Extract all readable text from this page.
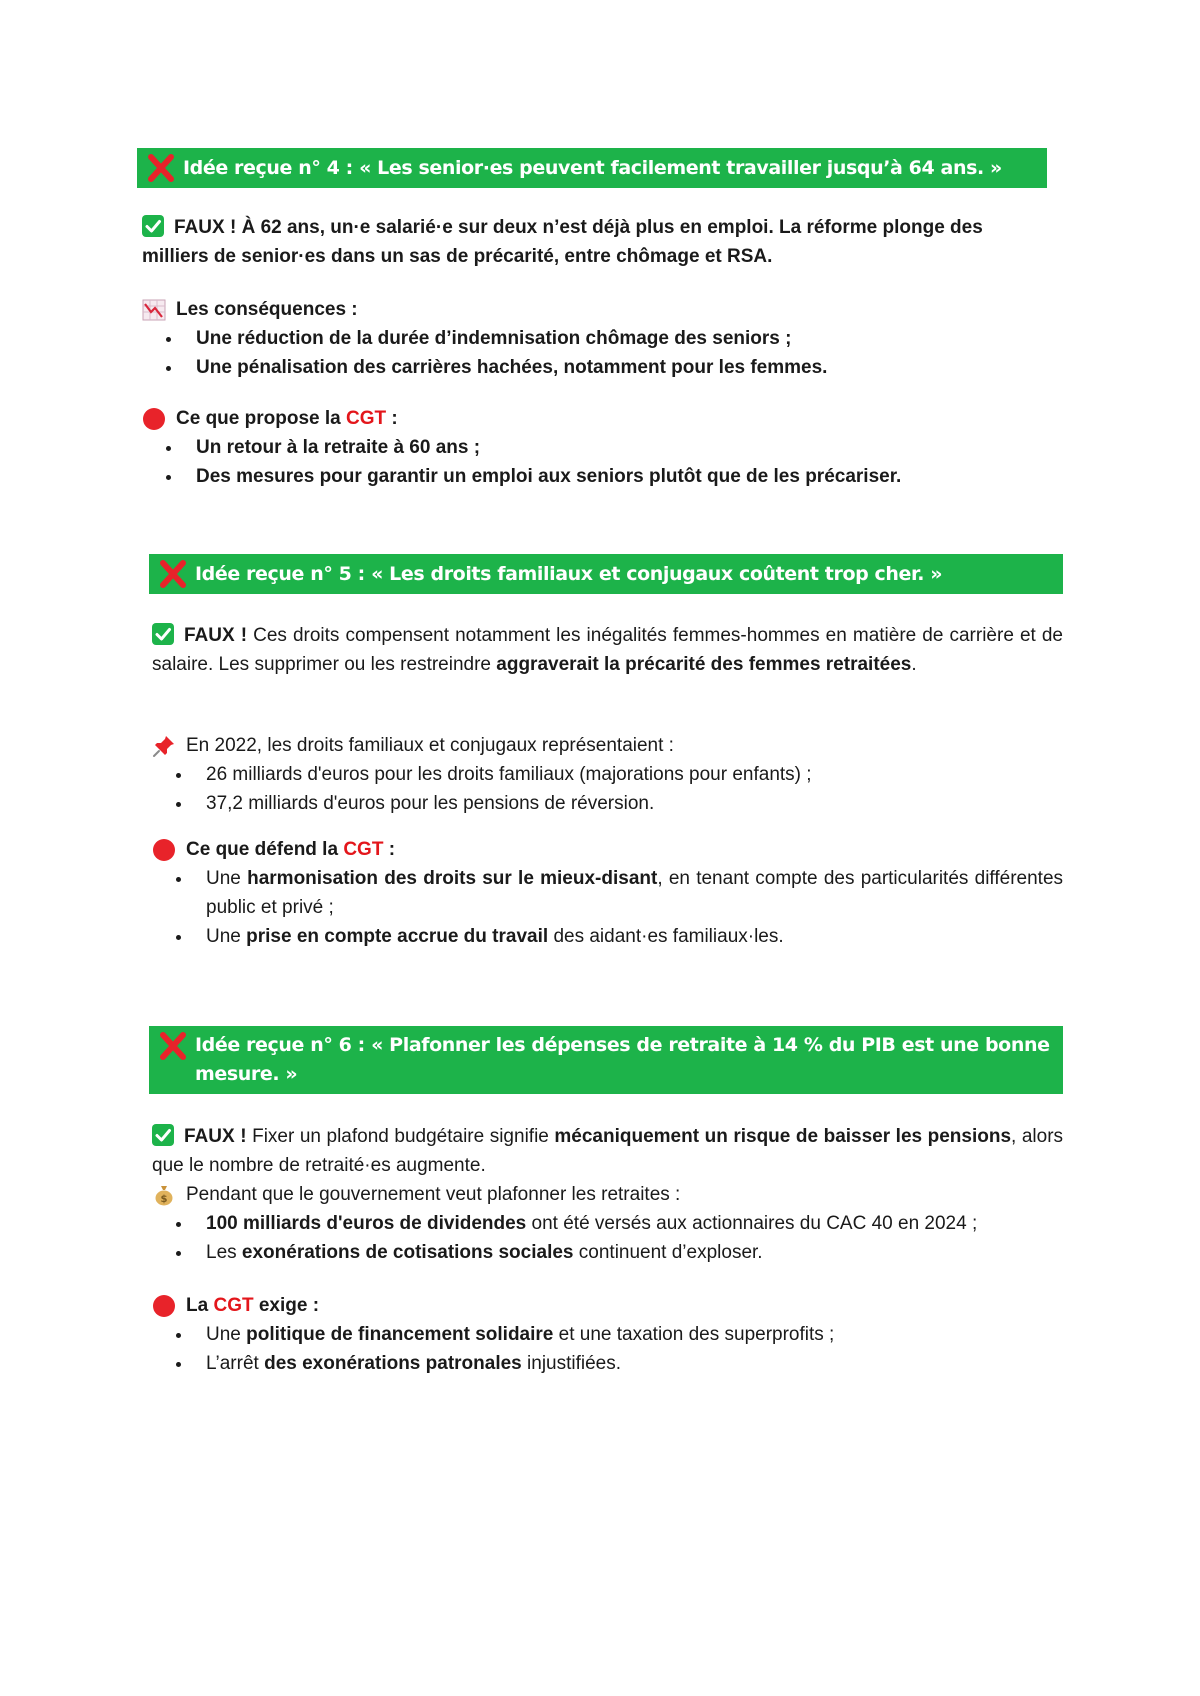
Idée reçue n° 4 : « Les senior·es peuvent facilement travailler jusqu’à 64 ans. »

FAUX ! À 62 ans, un·e salarié·e sur deux n’est déjà plus en emploi. La réforme plonge des milliers de senior·es dans un sas de précarité, entre chômage et RSA.

Les conséquences :
Une réduction de la durée d’indemnisation chômage des seniors ;
Une pénalisation des carrières hachées, notamment pour les femmes.
Ce que propose la CGT :
Un retour à la retraite à 60 ans ;
Des mesures pour garantir un emploi aux seniors plutôt que de les précariser.
Idée reçue n° 5 : « Les droits familiaux et conjugaux coûtent trop cher. »

FAUX ! Ces droits compensent notamment les inégalités femmes-hommes en matière de carrière et de salaire. Les supprimer ou les restreindre aggraverait la précarité des femmes retraitées.

En 2022, les droits familiaux et conjugaux représentaient :
26 milliards d'euros pour les droits familiaux (majorations pour enfants) ;
37,2 milliards d'euros pour les pensions de réversion.
Ce que défend la CGT :
Une harmonisation des droits sur le mieux-disant, en tenant compte des particularités différentes public et privé ;
Une prise en compte accrue du travail des aidant·es familiaux·les.
Idée reçue n° 6 : « Plafonner les dépenses de retraite à 14 % du PIB est une bonne mesure. »

FAUX ! Fixer un plafond budgétaire signifie mécaniquement un risque de baisser les pensions, alors que le nombre de retraité·es augmente.

Pendant que le gouvernement veut plafonner les retraites :
100 milliards d'euros de dividendes ont été versés aux actionnaires du CAC 40 en 2024 ;
Les exonérations de cotisations sociales continuent d’exploser.
La CGT exige :
Une politique de financement solidaire et une taxation des superprofits ;
L’arrêt des exonérations patronales injustifiées.
